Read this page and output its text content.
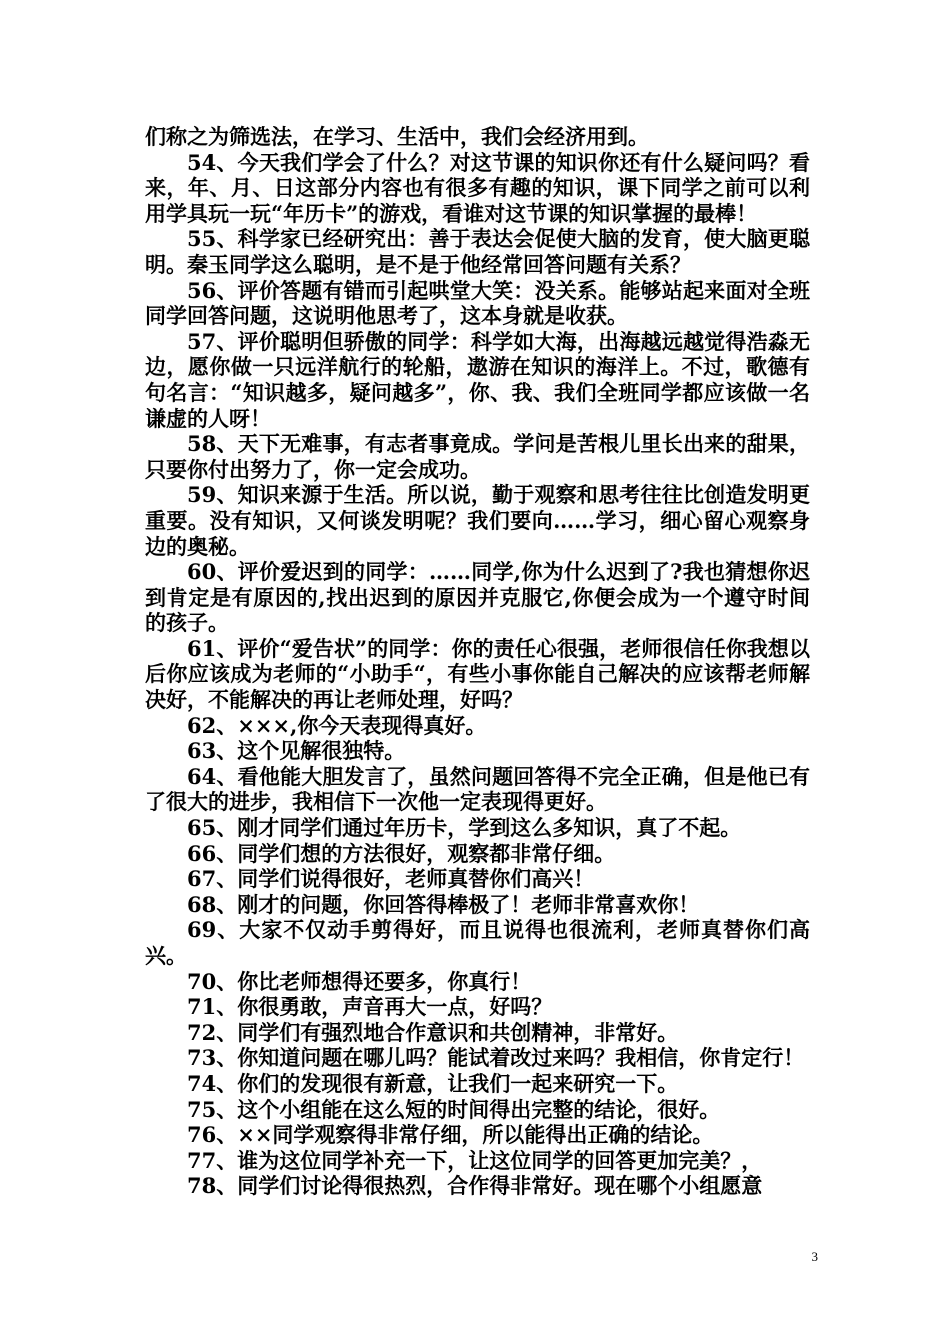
们称之为筛选法，在学习、生活中，我们会经济用到。

54、今天我们学会了什么？对这节课的知识你还有什么疑问吗？看来，年、月、日这部分内容也有很多有趣的知识，课下同学之前可以利用学具玩一玩“年历卡”的游戏，看谁对这节课的知识掌握的最棒！

55、科学家已经研究出：善于表达会促使大脑的发育，使大脑更聪明。秦玉同学这么聪明，是不是于他经常回答问题有关系？

56、评价答题有错而引起哄堂大笑：没关系。能够站起来面对全班同学回答问题，这说明他思考了，这本身就是收获。

57、评价聪明但骄傲的同学：科学如大海，出海越远越觉得浩淼无边，愿你做一只远洋航行的轮船，遨游在知识的海洋上。不过，歌德有句名言：“知识越多，疑问越多”，你、我、我们全班同学都应该做一名谦虚的人呀！

58、天下无难事，有志者事竟成。学问是苦根儿里长出来的甜果，只要你付出努力了，你一定会成功。

59、知识来源于生活。所以说，勤于观察和思考往往比创造发明更重要。没有知识，又何谈发明呢？我们要向……学习，细心留心观察身边的奥秘。

60、评价爱迟到的同学：……同学,你为什么迟到了?我也猜想你迟到肯定是有原因的,找出迟到的原因并克服它,你便会成为一个遵守时间的孩子。

61、评价“爱告状”的同学：你的责任心很强，老师很信任你我想以后你应该成为老师的“小助手“，有些小事你能自己解决的应该帮老师解决好，不能解决的再让老师处理，好吗？

62、×××,你今天表现得真好。

63、这个见解很独特。

64、看他能大胆发言了，虽然问题回答得不完全正确，但是他已有了很大的进步，我相信下一次他一定表现得更好。

65、刚才同学们通过年历卡，学到这么多知识，真了不起。

66、同学们想的方法很好，观察都非常仔细。

67、同学们说得很好，老师真替你们高兴！

68、刚才的问题，你回答得棒极了！老师非常喜欢你！

69、大家不仅动手剪得好，而且说得也很流利，老师真替你们高兴。

70、你比老师想得还要多，你真行！

71、你很勇敢，声音再大一点，好吗？

72、同学们有强烈地合作意识和共创精神，非常好。

73、你知道问题在哪儿吗？能试着改过来吗？我相信，你肯定行！

74、你们的发现很有新意，让我们一起来研究一下。

75、这个小组能在这么短的时间得出完整的结论，很好。

76、××同学观察得非常仔细，所以能得出正确的结论。

77、谁为这位同学补充一下，让这位同学的回答更加完美？，

78、同学们讨论得很热烈，合作得非常好。现在哪个小组愿意

3
